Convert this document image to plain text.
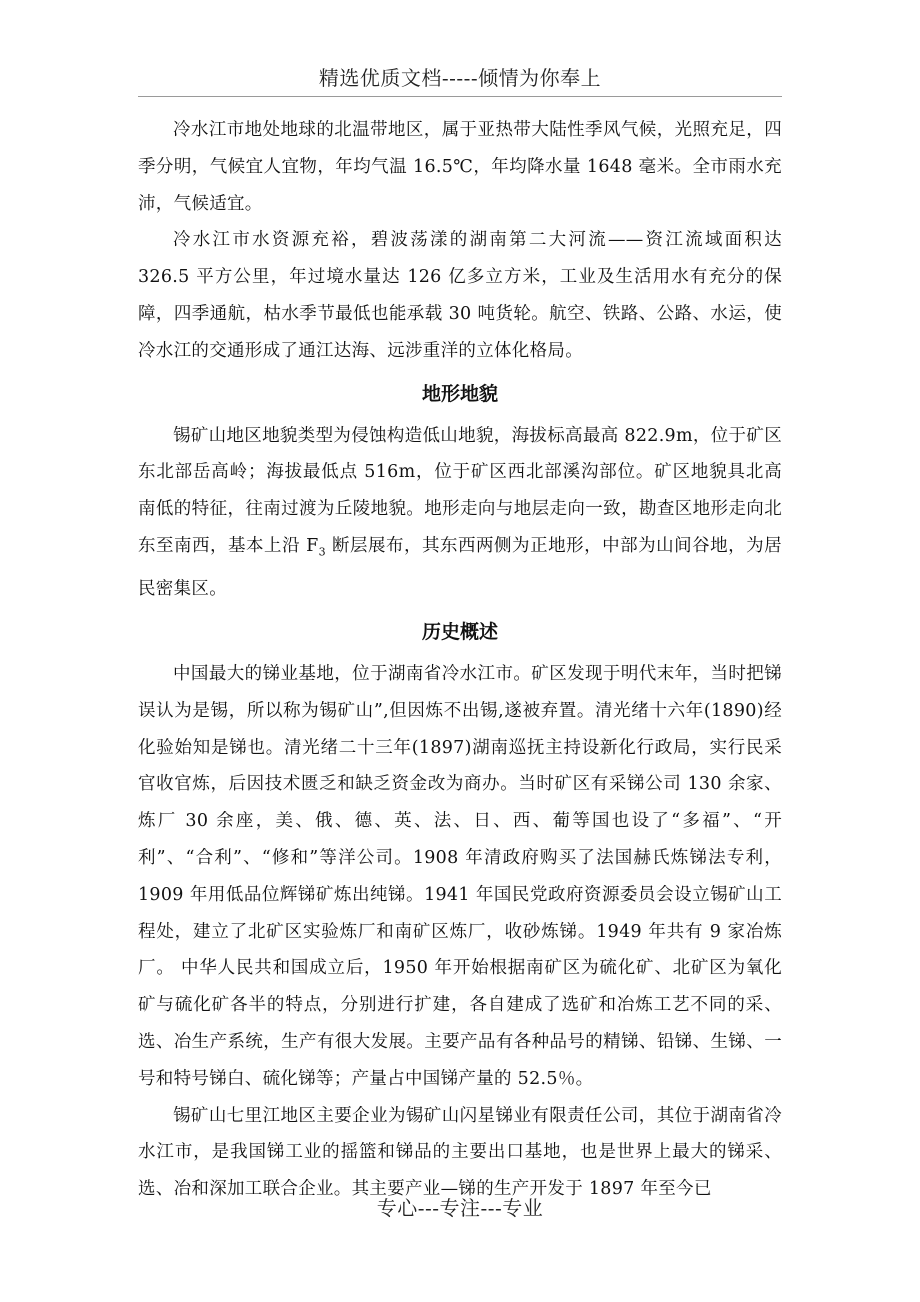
精选优质文档-----倾情为你奉上

冷水江市地处地球的北温带地区，属于亚热带大陆性季风气候，光照充足，四季分明，气候宜人宜物，年均气温 16.5℃，年均降水量 1648 毫米。全市雨水充沛，气候适宜。

冷水江市水资源充裕，碧波荡漾的湖南第二大河流——资江流域面积达 326.5 平方公里，年过境水量达 126 亿多立方米，工业及生活用水有充分的保障，四季通航，枯水季节最低也能承载 30 吨货轮。航空、铁路、公路、水运，使冷水江的交通形成了通江达海、远涉重洋的立体化格局。

地形地貌

锡矿山地区地貌类型为侵蚀构造低山地貌，海拔标高最高 822.9m，位于矿区东北部岳高岭；海拔最低点 516m，位于矿区西北部溪沟部位。矿区地貌具北高南低的特征，往南过渡为丘陵地貌。地形走向与地层走向一致，勘查区地形走向北东至南西，基本上沿 $F_3$ 断层展布，其东西两侧为正地形，中部为山间谷地，为居民密集区。

历史概述

中国最大的锑业基地，位于湖南省冷水江市。矿区发现于明代末年，当时把锑误认为是锡，所以称为锡矿山”,但因炼不出锡,遂被弃置。清光绪十六年(1890)经化验始知是锑也。清光绪二十三年(1897)湖南巡抚主持设新化行政局，实行民采官收官炼，后因技术匮乏和缺乏资金改为商办。当时矿区有采锑公司 130 余家、炼厂 30 余座，美、俄、德、英、法、日、西、葡等国也设了“多福”、“开利”、“合利”、“修和”等洋公司。1908 年清政府购买了法国赫氏炼锑法专利，1909 年用低品位辉锑矿炼出纯锑。1941 年国民党政府资源委员会设立锡矿山工程处，建立了北矿区实验炼厂和南矿区炼厂，收砂炼锑。1949 年共有 9 家冶炼厂。 中华人民共和国成立后，1950 年开始根据南矿区为硫化矿、北矿区为氧化矿与硫化矿各半的特点，分别进行扩建，各自建成了选矿和冶炼工艺不同的采、选、冶生产系统，生产有很大发展。主要产品有各种品号的精锑、铅锑、生锑、一号和特号锑白、硫化锑等；产量占中国锑产量的 52.5％。

锡矿山七里江地区主要企业为锡矿山闪星锑业有限责任公司，其位于湖南省冷水江市，是我国锑工业的摇篮和锑品的主要出口基地，也是世界上最大的锑采、选、冶和深加工联合企业。其主要产业—锑的生产开发于 1897 年至今已

专心---专注---专业
